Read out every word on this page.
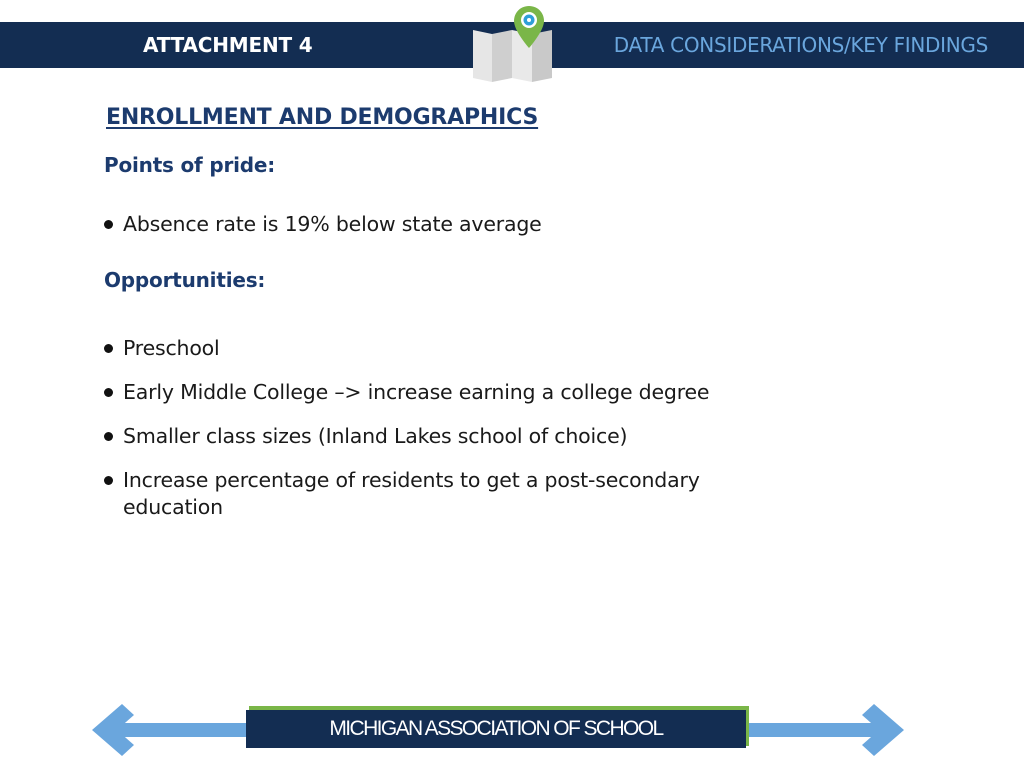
ATTACHMENT 4	DATA CONSIDERATIONS/KEY FINDINGS
ENROLLMENT AND DEMOGRAPHICS
Points of pride:
Absence rate is 19% below state average
Opportunities:
Preschool
Early Middle College –> increase earning a college degree
Smaller class sizes (Inland Lakes school of choice)
Increase percentage of residents to get a post-secondary education
MICHIGAN ASSOCIATION OF SCHOOL
